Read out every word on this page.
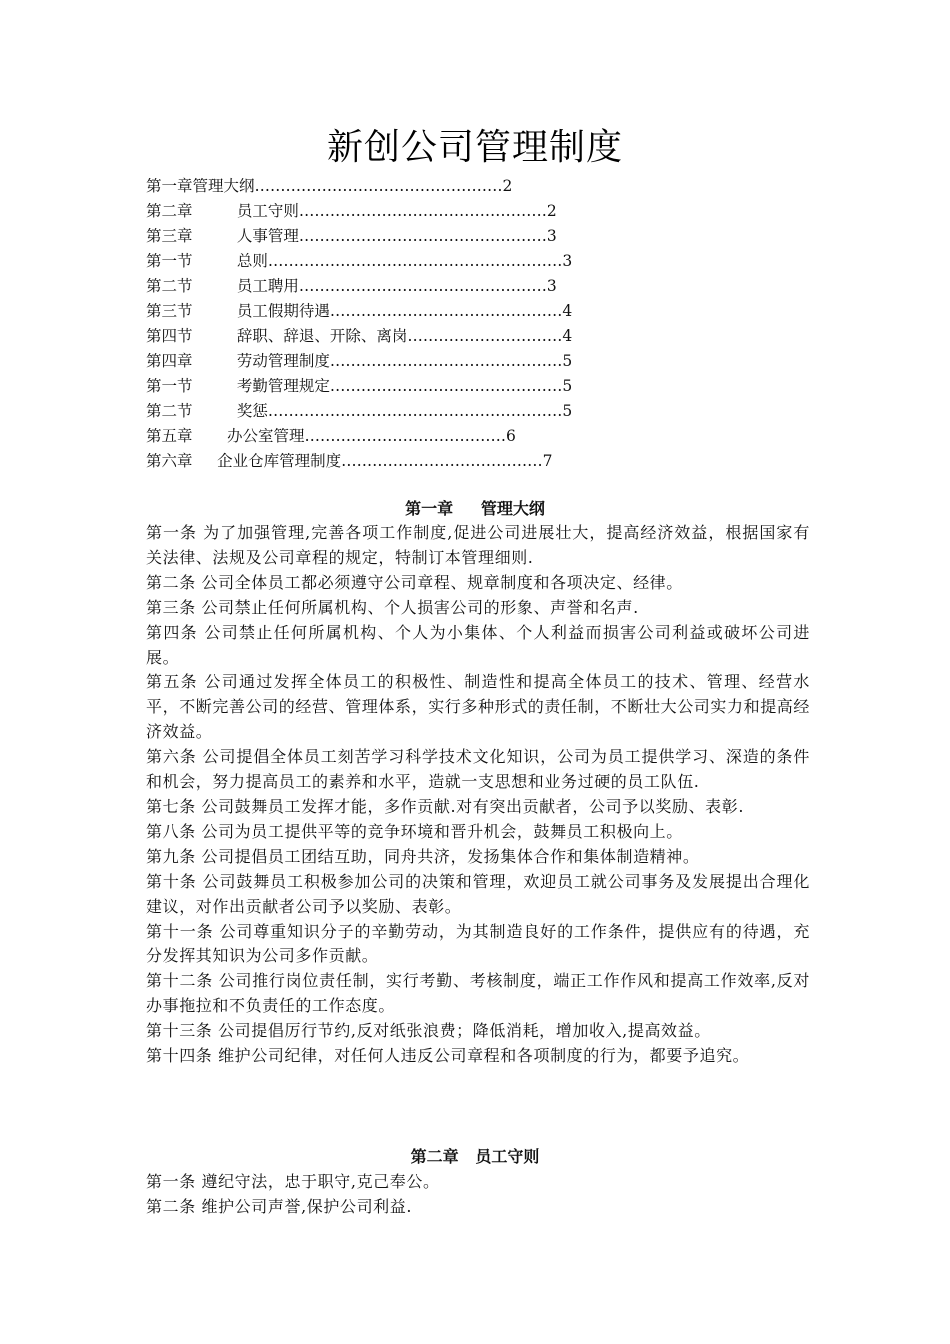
新创公司管理制度
第一章管理大纲 ………………………………………… 2
第二章         员工守则 ………………………………………… 2
第三章         人事管理 ………………………………………… 3
第一节         总则 ………………………………………………… 3
第二节         员工聘用 ………………………………………… 3
第三节         员工假期待遇 ……………………………………… 4
第四节         辞职、辞退、开除、离岗 ………………………… 4
第四章         劳动管理制度 ……………………………………… 5
第一节         考勤管理规定 ……………………………………… 5
第二节         奖惩 ………………………………………………… 5
第五章       办公室管理 ………………………………… 6
第六章     企业仓库管理制度 ………………………………… 7
第一章     管理大纲

第一条 为了加强管理,完善各项工作制度,促进公司进展壮大，提高经济效益，根据国家有关法律、法规及公司章程的规定，特制订本管理细则.

第二条 公司全体员工都必须遵守公司章程、规章制度和各项决定、经律。

第三条 公司禁止任何所属机构、个人损害公司的形象、声誉和名声.

第四条 公司禁止任何所属机构、个人为小集体、个人利益而损害公司利益或破坏公司进展。

第五条 公司通过发挥全体员工的积极性、制造性和提高全体员工的技术、管理、经营水平，不断完善公司的经营、管理体系，实行多种形式的责任制，不断壮大公司实力和提高经济效益。

第六条 公司提倡全体员工刻苦学习科学技术文化知识，公司为员工提供学习、深造的条件和机会，努力提高员工的素养和水平，造就一支思想和业务过硬的员工队伍.

第七条 公司鼓舞员工发挥才能，多作贡献.对有突出贡献者，公司予以奖励、表彰.

第八条 公司为员工提供平等的竞争环境和晋升机会，鼓舞员工积极向上。

第九条 公司提倡员工团结互助，同舟共济，发扬集体合作和集体制造精神。

第十条 公司鼓舞员工积极参加公司的决策和管理，欢迎员工就公司事务及发展提出合理化建议，对作出贡献者公司予以奖励、表彰。

第十一条 公司尊重知识分子的辛勤劳动，为其制造良好的工作条件，提供应有的待遇，充分发挥其知识为公司多作贡献。

第十二条 公司推行岗位责任制，实行考勤、考核制度，端正工作作风和提高工作效率,反对办事拖拉和不负责任的工作态度。

第十三条 公司提倡厉行节约,反对纸张浪费；降低消耗，增加收入,提高效益。

第十四条 维护公司纪律，对任何人违反公司章程和各项制度的行为，都要予追究。

第二章   员工守则

第一条 遵纪守法，忠于职守,克己奉公。

第二条 维护公司声誉,保护公司利益.
